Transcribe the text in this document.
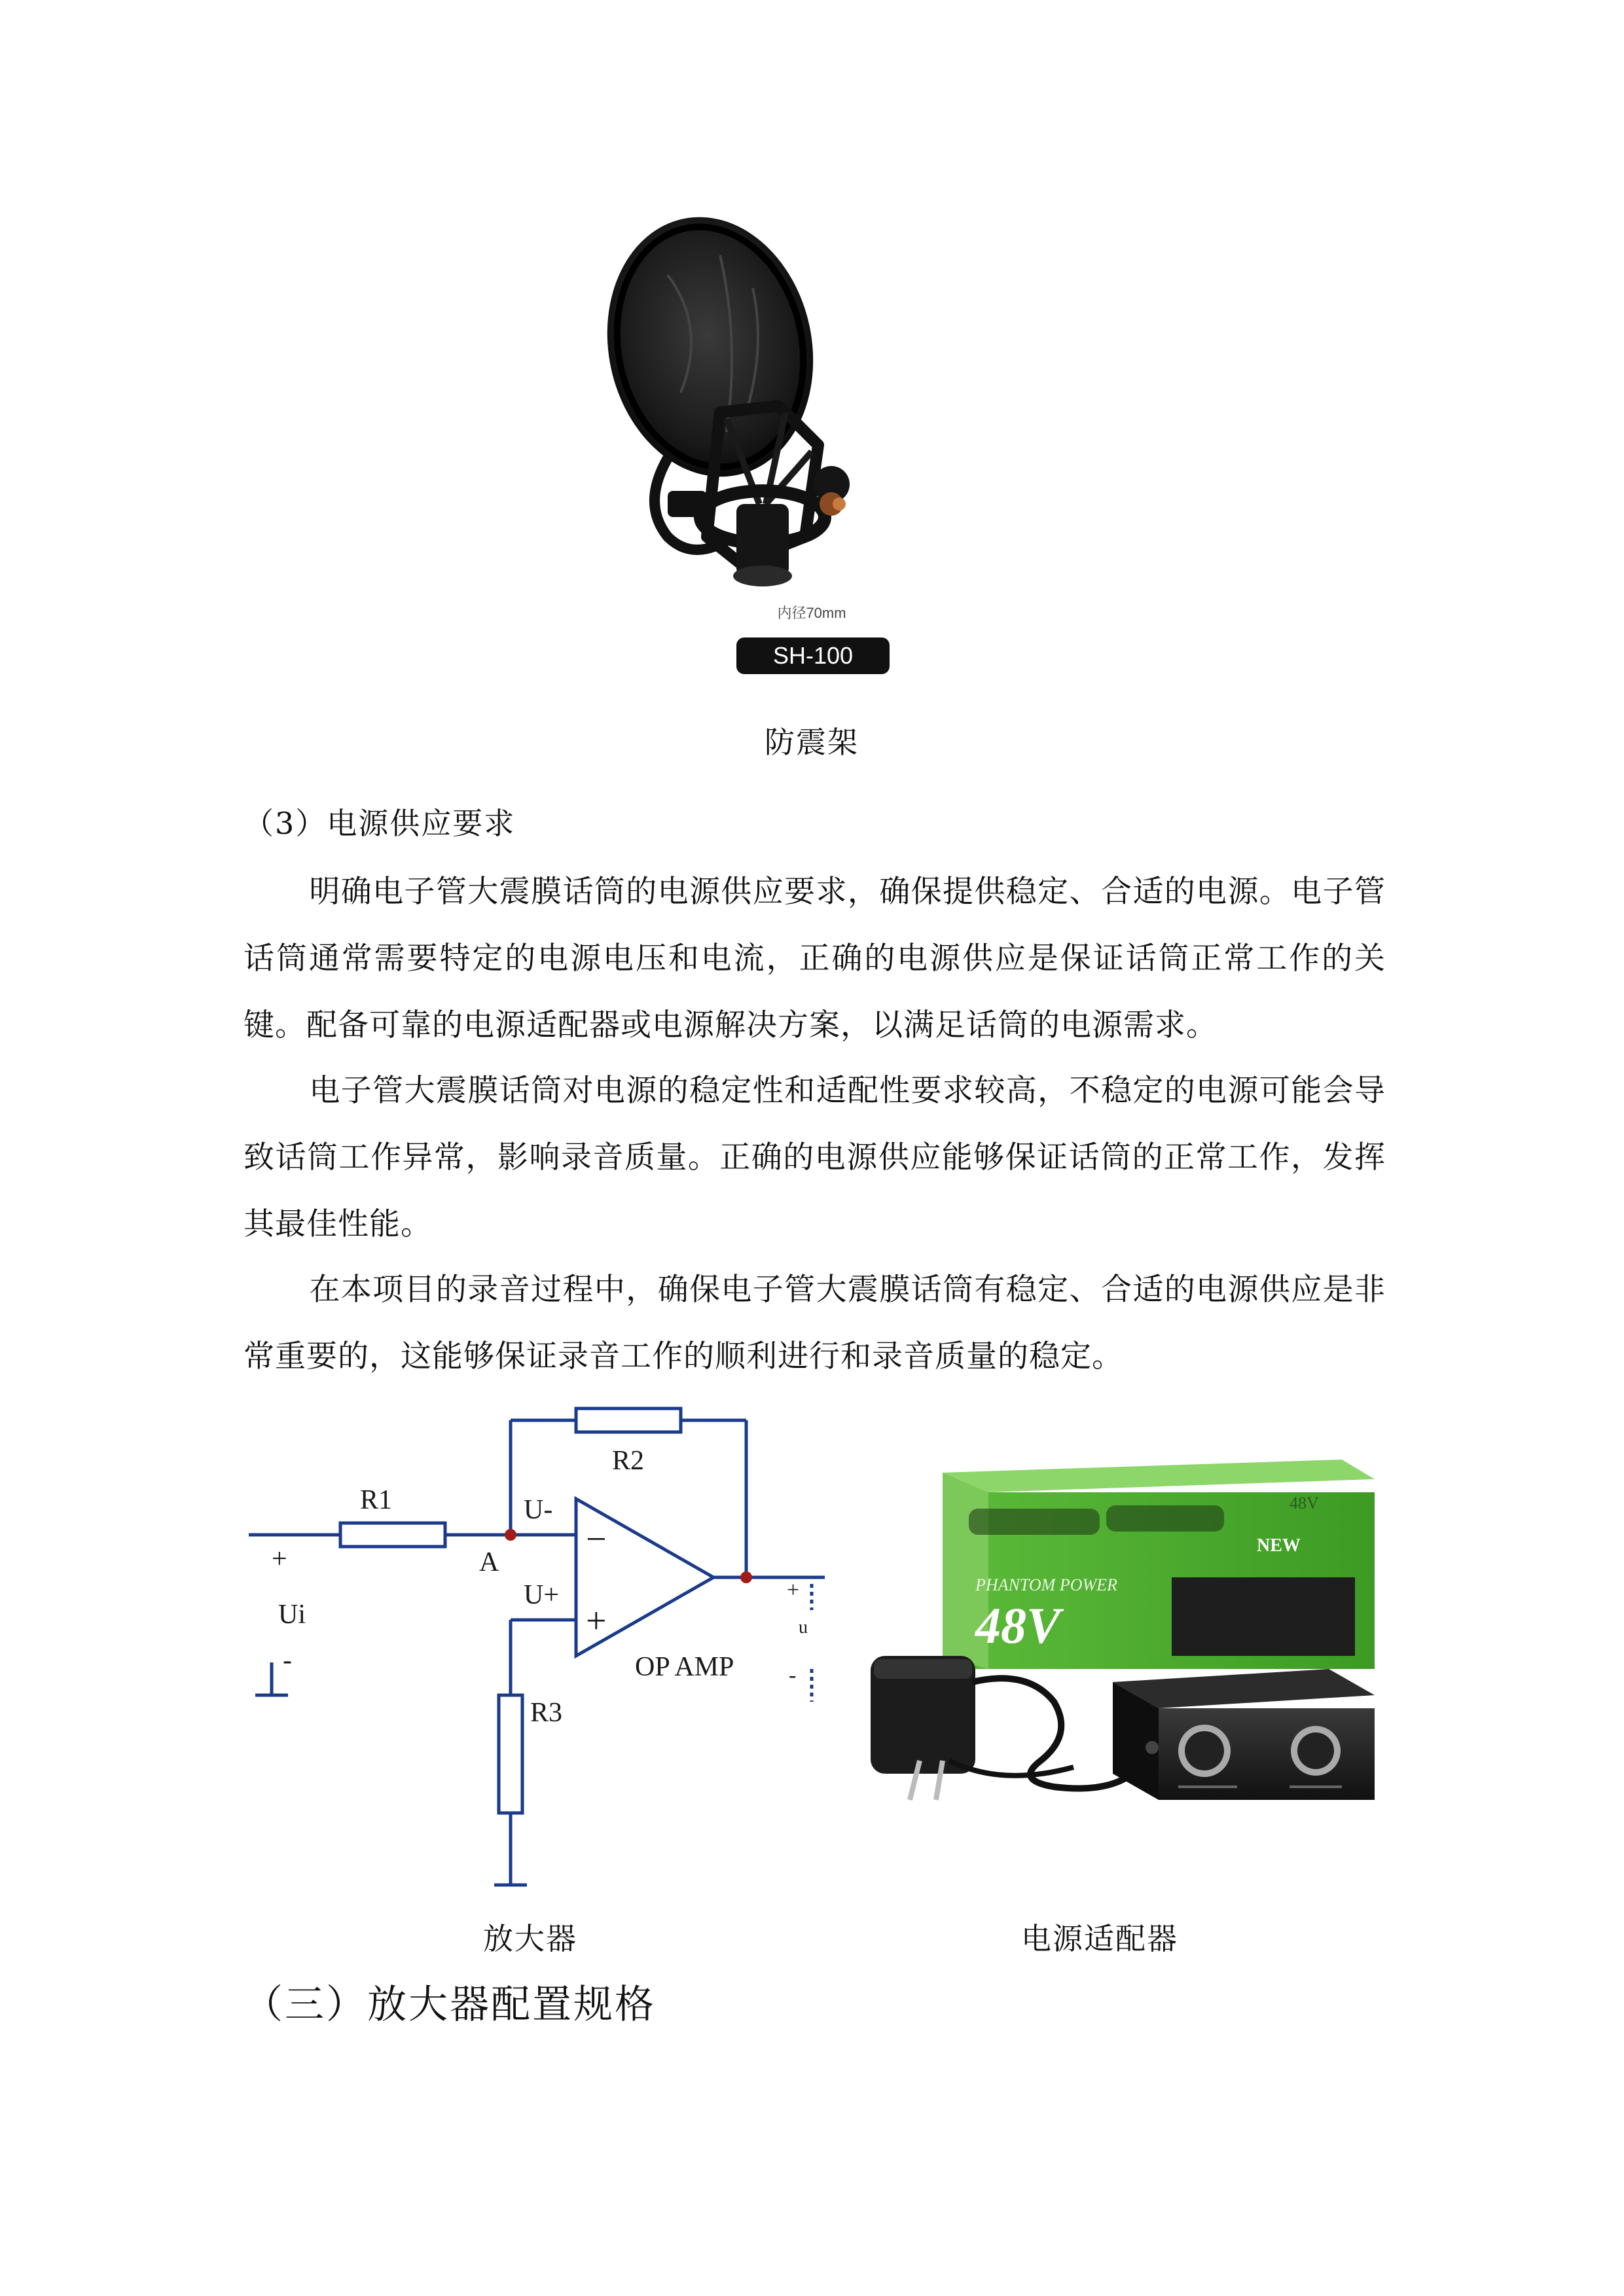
内径70mm
SH-100
防震架
（3）电源供应要求

明确电子管大震膜话筒的电源供应要求，确保提供稳定、合适的电源。电子管话筒通常需要特定的电源电压和电流，正确的电源供应是保证话筒正常工作的关键。配备可靠的电源适配器或电源解决方案，以满足话筒的电源需求。

电子管大震膜话筒对电源的稳定性和适配性要求较高，不稳定的电源可能会导致话筒工作异常，影响录音质量。正确的电源供应能够保证话筒的正常工作，发挥其最佳性能。

在本项目的录音过程中，确保电子管大震膜话筒有稳定、合适的电源供应是非常重要的，这能够保证录音工作的顺利进行和录音质量的稳定。

R1
R2
R3
A
U-
U+
+
Ui
-
−
+
OP AMP
+
u
-
放大器
NEW
PHANTOM POWER
48V
48V
电源适配器
（三）放大器配置规格
